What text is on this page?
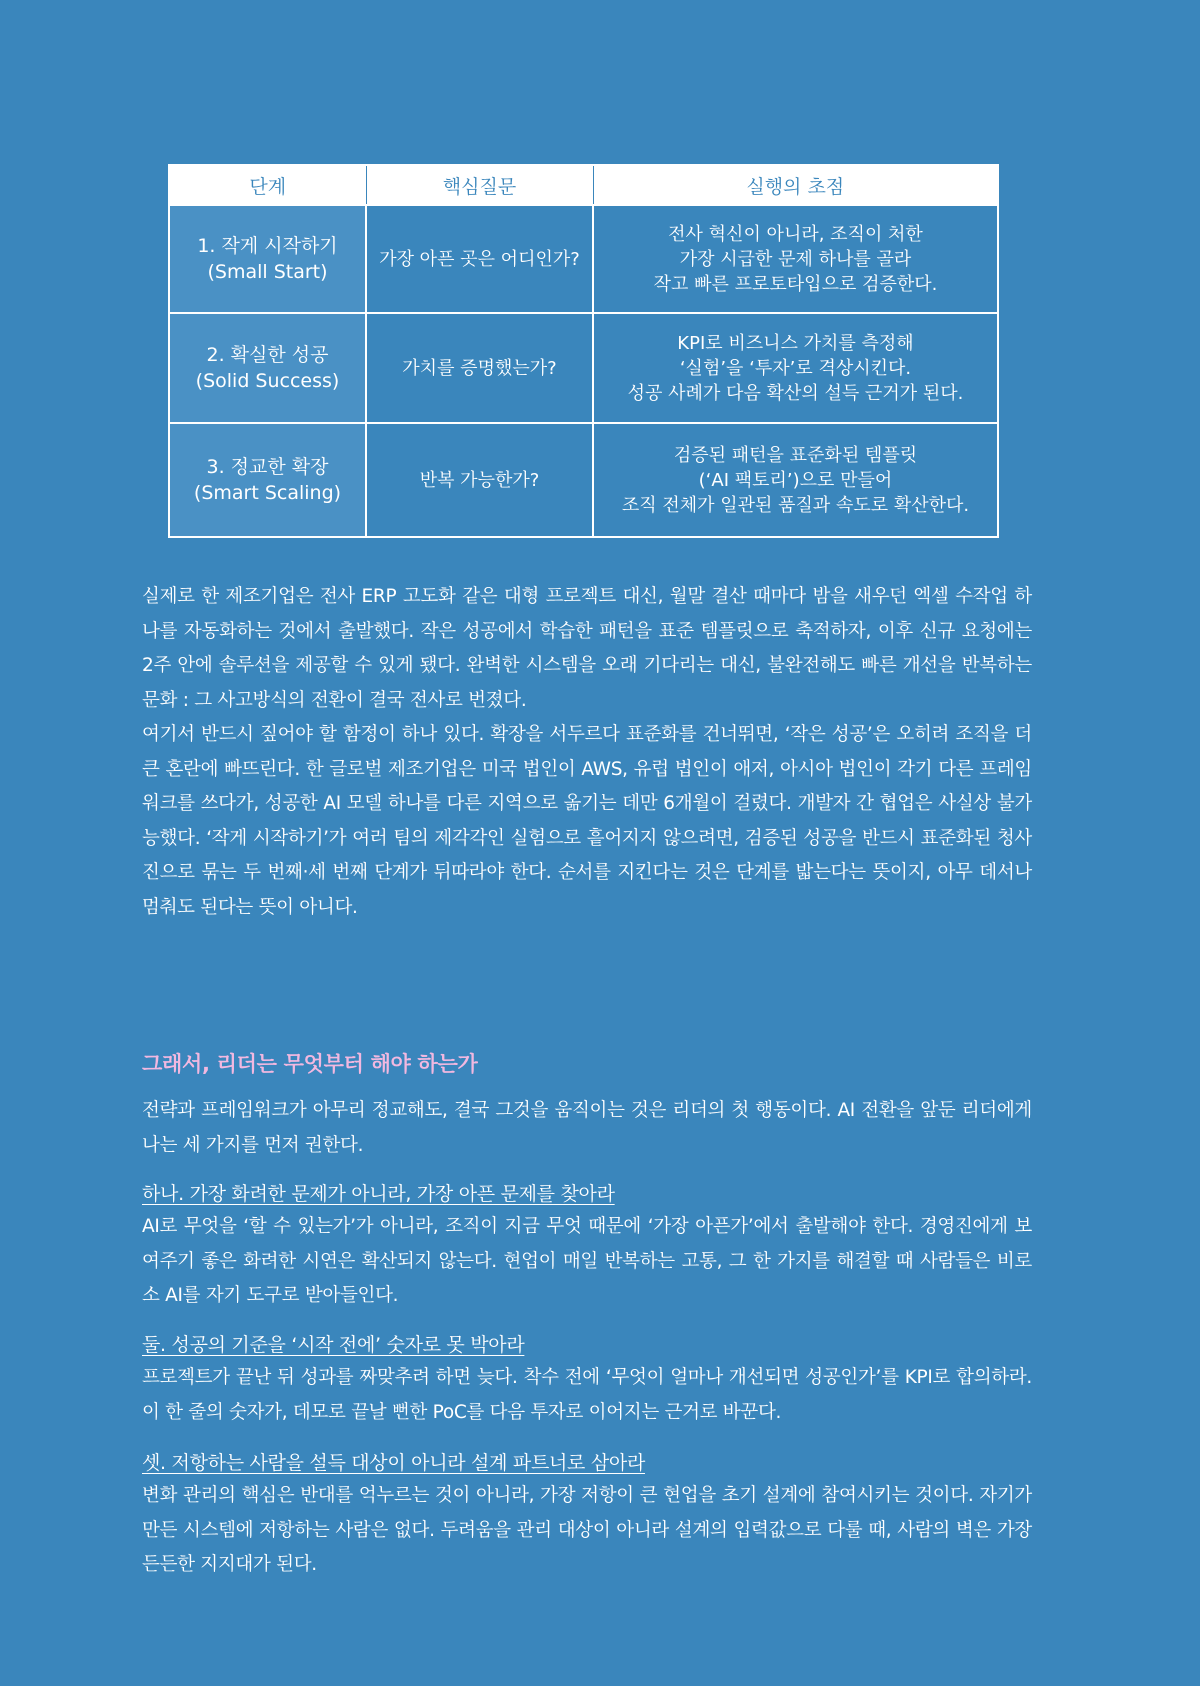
단계	핵심질문	실행의 초점

1. 작게 시작하기
(Small Start)	가장 아픈 곳은 어디인가?	전사 혁신이 아니라, 조직이 처한
가장 시급한 문제 하나를 골라
작고 빠른 프로토타입으로 검증한다.

2. 확실한 성공
(Solid Success)	가치를 증명했는가?	KPI로 비즈니스 가치를 측정해
‘실험’을 ‘투자’로 격상시킨다.
성공 사례가 다음 확산의 설득 근거가 된다.

3. 정교한 확장
(Smart Scaling)	반복 가능한가?	검증된 패턴을 표준화된 템플릿
(‘AI 팩토리’)으로 만들어
조직 전체가 일관된 품질과 속도로 확산한다.

실제로 한 제조기업은 전사 ERP 고도화 같은 대형 프로젝트 대신, 월말 결산 때마다 밤을 새우던 엑셀 수작업 하나를 자동화하는 것에서 출발했다. 작은 성공에서 학습한 패턴을 표준 템플릿으로 축적하자, 이후 신규 요청에는 2주 안에 솔루션을 제공할 수 있게 됐다. 완벽한 시스템을 오래 기다리는 대신, 불완전해도 빠른 개선을 반복하는 문화 : 그 사고방식의 전환이 결국 전사로 번졌다.

여기서 반드시 짚어야 할 함정이 하나 있다. 확장을 서두르다 표준화를 건너뛰면, ‘작은 성공’은 오히려 조직을 더 큰 혼란에 빠뜨린다. 한 글로벌 제조기업은 미국 법인이 AWS, 유럽 법인이 애저, 아시아 법인이 각기 다른 프레임워크를 쓰다가, 성공한 AI 모델 하나를 다른 지역으로 옮기는 데만 6개월이 걸렸다. 개발자 간 협업은 사실상 불가능했다. ‘작게 시작하기’가 여러 팀의 제각각인 실험으로 흩어지지 않으려면, 검증된 성공을 반드시 표준화된 청사진으로 묶는 두 번째·세 번째 단계가 뒤따라야 한다. 순서를 지킨다는 것은 단계를 밟는다는 뜻이지, 아무 데서나 멈춰도 된다는 뜻이 아니다.

그래서, 리더는 무엇부터 해야 하는가

전략과 프레임워크가 아무리 정교해도, 결국 그것을 움직이는 것은 리더의 첫 행동이다. AI 전환을 앞둔 리더에게 나는 세 가지를 먼저 권한다.

하나. 가장 화려한 문제가 아니라, 가장 아픈 문제를 찾아라

AI로 무엇을 ‘할 수 있는가’가 아니라, 조직이 지금 무엇 때문에 ‘가장 아픈가’에서 출발해야 한다. 경영진에게 보여주기 좋은 화려한 시연은 확산되지 않는다. 현업이 매일 반복하는 고통, 그 한 가지를 해결할 때 사람들은 비로소 AI를 자기 도구로 받아들인다.

둘. 성공의 기준을 ‘시작 전에’ 숫자로 못 박아라

프로젝트가 끝난 뒤 성과를 짜맞추려 하면 늦다. 착수 전에 ‘무엇이 얼마나 개선되면 성공인가’를 KPI로 합의하라. 이 한 줄의 숫자가, 데모로 끝날 뻔한 PoC를 다음 투자로 이어지는 근거로 바꾼다.

셋. 저항하는 사람을 설득 대상이 아니라 설계 파트너로 삼아라

변화 관리의 핵심은 반대를 억누르는 것이 아니라, 가장 저항이 큰 현업을 초기 설계에 참여시키는 것이다. 자기가 만든 시스템에 저항하는 사람은 없다. 두려움을 관리 대상이 아니라 설계의 입력값으로 다룰 때, 사람의 벽은 가장 든든한 지지대가 된다.
